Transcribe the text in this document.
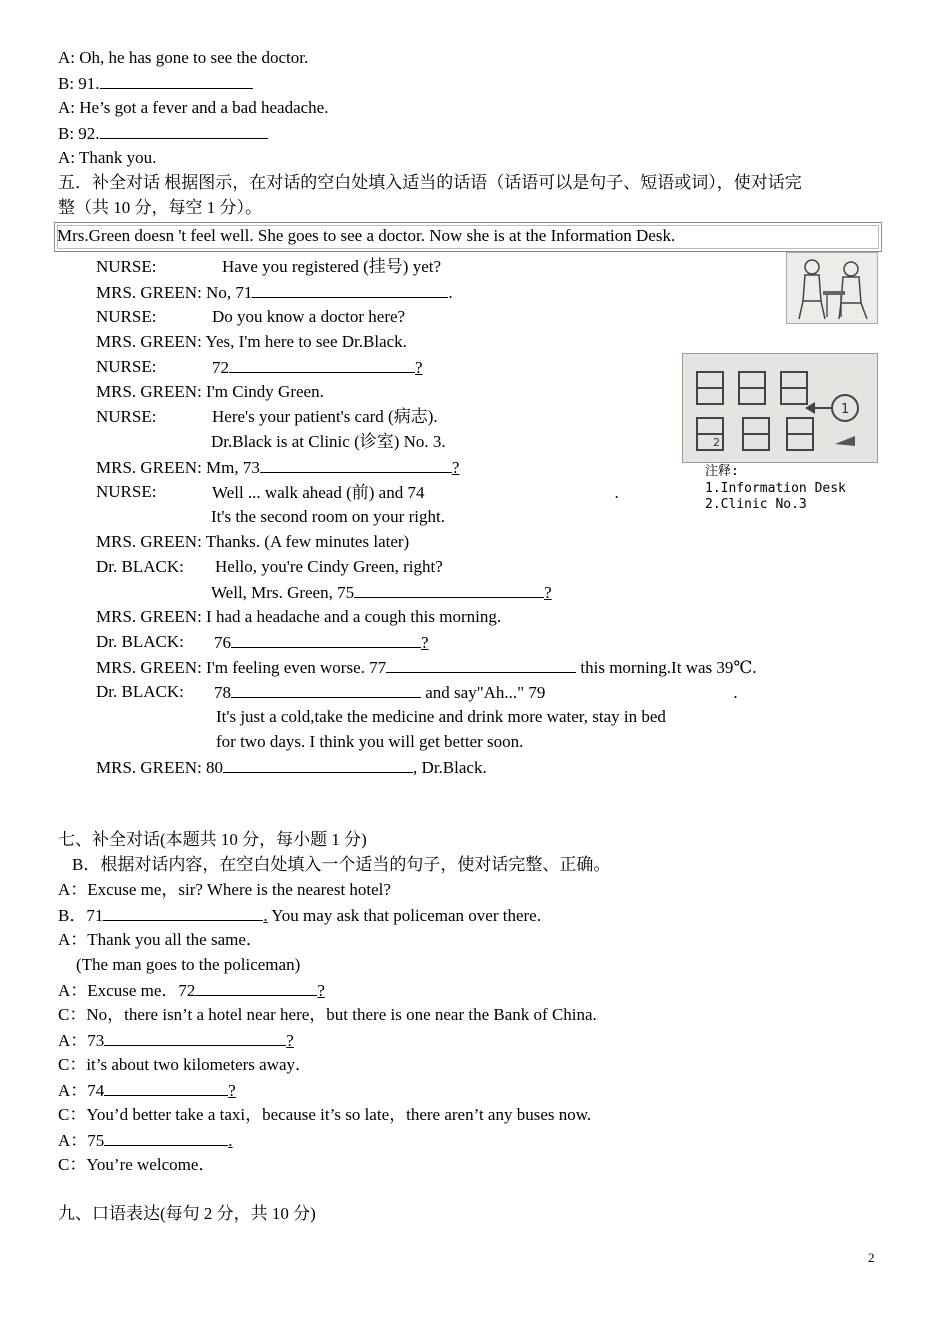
A: Oh, he has gone to see the doctor.
B: 91.
A: He’s got a fever and a bad headache.
B: 92.
A: Thank you.
五．补全对话 根据图示，在对话的空白处填入适当的话语（话语可以是句子、短语或词），使对话完
整（共 10 分，每空 1 分）。
Mrs.Green doesn 't feel well. She goes to see a doctor. Now she is at the Information Desk.
NURSE:	Have you registered (挂号) yet?
MRS. GREEN: No, 71	.
NURSE:	Do you know a doctor here?
MRS. GREEN: Yes, I'm here to see Dr.Black.
NURSE:	72	?
MRS. GREEN: I'm Cindy Green.
NURSE:	Here's your patient's card (病志).
Dr.Black is at Clinic (诊室) No. 3.
MRS. GREEN: Mm, 73	?
NURSE:	Well ... walk ahead (前) and 74	.
It's the second room on your right.
MRS. GREEN: Thanks. (A few minutes later)
Dr. BLACK: Hello, you're Cindy Green, right?
Well, Mrs. Green, 75	?
MRS. GREEN: I had a headache and a cough this morning.
Dr. BLACK: 76	?
MRS. GREEN: I'm feeling even worse. 77	this morning.It was 39℃.
Dr. BLACK: 78	and say"Ah..." 79	.
It's just a cold,take the medicine and drink more water, stay in bed
for two days. I think you will get better soon.
MRS. GREEN: 80	, Dr.Black.
1
2
注释:
1.Information Desk
2.Clinic No.3
七、补全对话(本题共 10 分，每小题 1 分)
B．根据对话内容，在空白处填入一个适当的句子，使对话完整、正确。
A：Excuse me，sir? Where is the nearest hotel?
B．71	. You may ask that policeman over there.
A：Thank you all the same．
(The man goes to the policeman)
A：Excuse me．72	?
C：No，there isn’t a hotel near here，but there is one near the Bank of China.
A：73	?
C：it’s about two kilometers away．
A：74	?
C：You’d better take a taxi，because it’s so late，there aren’t any buses now.
A：75	.
C：You’re welcome．
九、口语表达(每句 2 分，共 10 分)
2
